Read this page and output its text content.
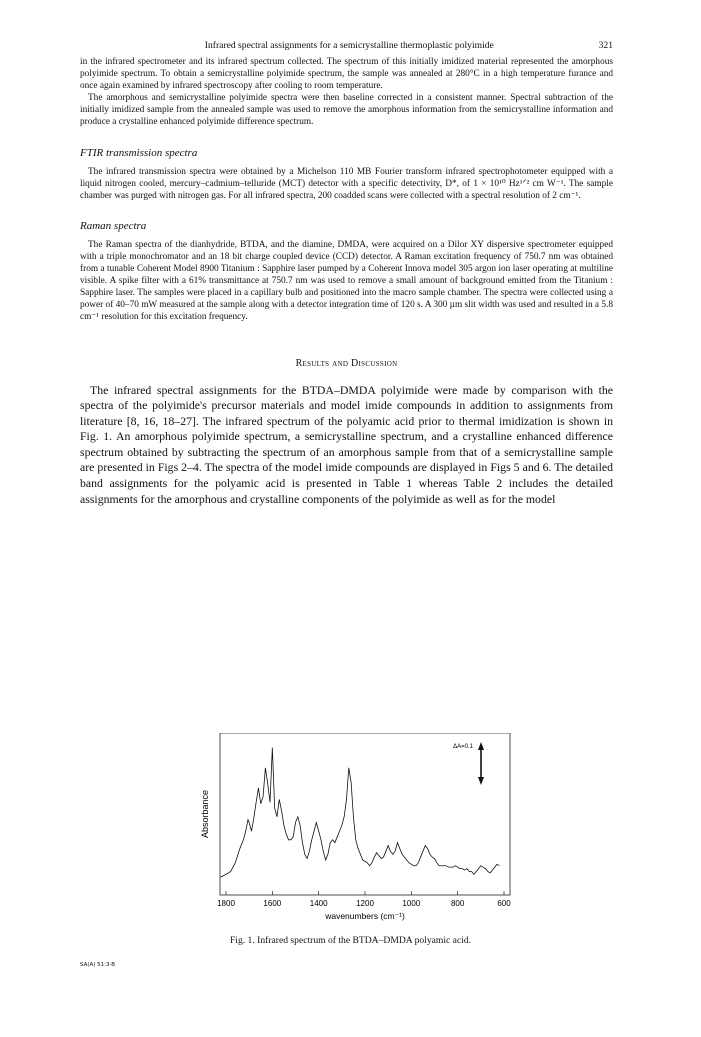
Infrared spectral assignments for a semicrystalline thermoplastic polyimide	321

in the infrared spectrometer and its infrared spectrum collected. The spectrum of this initially imidized material represented the amorphous polyimide spectrum. To obtain a semicrystalline polyimide spectrum, the sample was annealed at 280°C in a high temperature furance and once again examined by infrared spectroscopy after cooling to room temperature.

The amorphous and semicrystalline polyimide spectra were then baseline corrected in a consistent manner. Spectral subtraction of the initially imidized sample from the annealed sample was used to remove the amorphous information from the semicrystalline information and produce a crystalline enhanced polyimide difference spectrum.

FTIR transmission spectra

The infrared transmission spectra were obtained by a Michelson 110 MB Fourier transform infrared spectrophotometer equipped with a liquid nitrogen cooled, mercury–cadmium–telluride (MCT) detector with a specific detectivity, D*, of 1 × 10¹⁰ Hz¹ᐟ² cm W⁻¹. The sample chamber was purged with nitrogen gas. For all infrared spectra, 200 coadded scans were collected with a spectral resolution of 2 cm⁻¹.

Raman spectra

The Raman spectra of the dianhydride, BTDA, and the diamine, DMDA, were acquired on a Dilor XY dispersive spectrometer equipped with a triple monochromator and an 18 bit charge coupled device (CCD) detector. A Raman excitation frequency of 750.7 nm was obtained from a tunable Coherent Model 8900 Titanium : Sapphire laser pumped by a Coherent Innova model 305 argon ion laser operating at multiline visible. A spike filter with a 61% transmittance at 750.7 nm was used to remove a small amount of background emitted from the Titanium : Sapphire laser. The samples were placed in a capillary bulb and positioned into the macro sample chamber. The spectra were collected using a power of 40–70 mW measured at the sample along with a detector integration time of 120 s. A 300 µm slit width was used and resulted in a 5.8 cm⁻¹ resolution for this excitation frequency.

Results and Discussion

The infrared spectral assignments for the BTDA–DMDA polyimide were made by comparison with the spectra of the polyimide's precursor materials and model imide compounds in addition to assignments from literature [8, 16, 18–27]. The infrared spectrum of the polyamic acid prior to thermal imidization is shown in Fig. 1. An amorphous polyimide spectrum, a semicrystalline spectrum, and a crystalline enhanced difference spectrum obtained by subtracting the spectrum of an amorphous sample from that of a semicrystalline sample are presented in Figs 2–4. The spectra of the model imide compounds are displayed in Figs 5 and 6. The detailed band assignments for the polyamic acid is presented in Table 1 whereas Table 2 includes the detailed assignments for the amorphous and crystalline components of the polyimide as well as for the model

1800	1600	1400	1200	1000	800	600
ΔA=0.1
Absorbance
wavenumbers (cm⁻¹)
Fig. 1. Infrared spectrum of the BTDA–DMDA polyamic acid.
SA(A) 51:3-B
